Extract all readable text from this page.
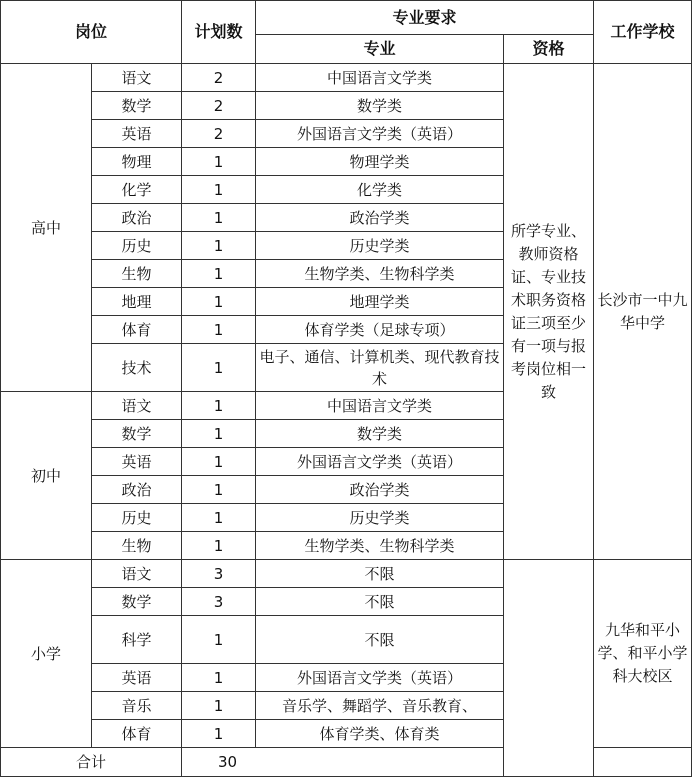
岗位		计划数	专业要求		工作学校
			专业	资格	
高中	语文	2	中国语言文学类	所学专业、教师资格证、专业技术职务资格证三项至少有一项与报考岗位相一致	长沙市一中九华中学
	数学	2	数学类		
	英语	2	外国语言文学类（英语）		
	物理	1	物理学类		
	化学	1	化学类		
	政治	1	政治学类		
	历史	1	历史学类		
	生物	1	生物学类、生物科学类		
	地理	1	地理学类		
	体育	1	体育学类（足球专项）		
	技术	1	电子、通信、计算机类、现代教育技术		
初中	语文	1	中国语言文学类		
	数学	1	数学类		
	英语	1	外国语言文学类（英语）		
	政治	1	政治学类		
	历史	1	历史学类		
	生物	1	生物学类、生物科学类		
小学	语文	3	不限		九华和平小学、和平小学科大校区
	数学	3	不限		
	科学	1	不限		
	英语	1	外国语言文学类（英语）		
	音乐	1	音乐学、舞蹈学、音乐教育、		
	体育	1	体育学类、体育类		
合计		30			
